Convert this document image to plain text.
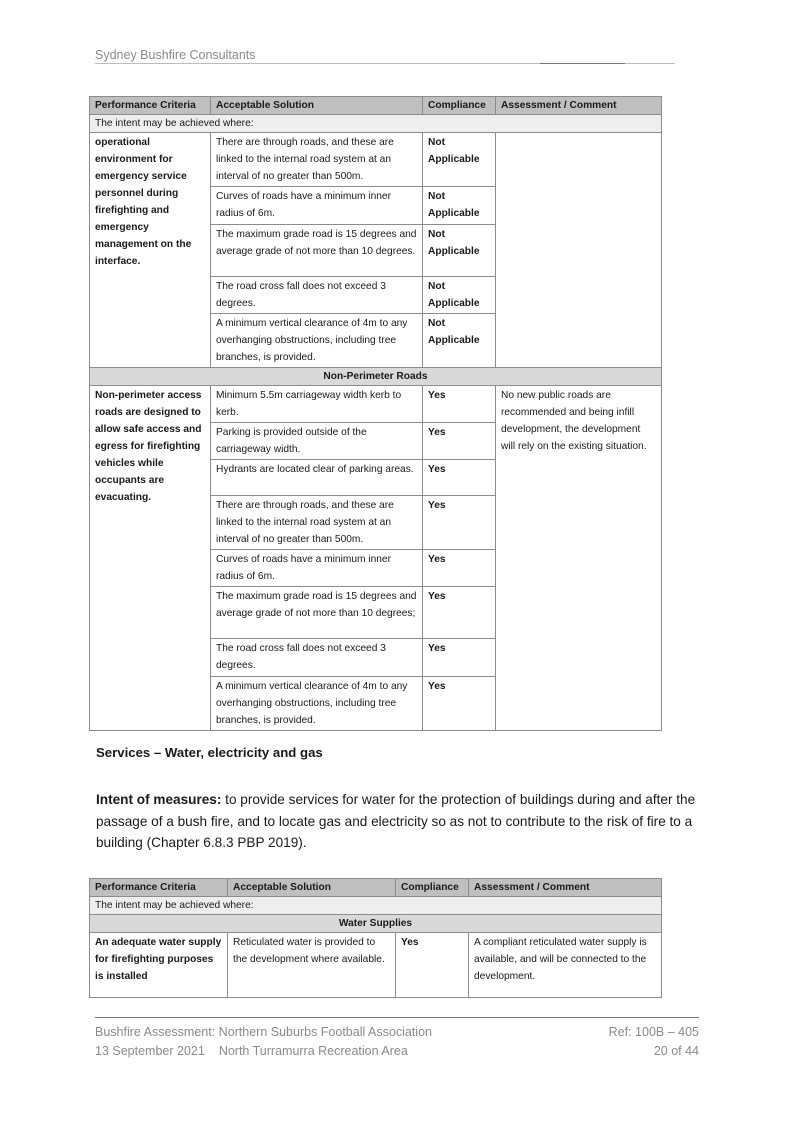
Sydney Bushfire Consultants
Performance Criteria	Acceptable Solution	Compliance	Assessment / Comment
The intent may be achieved where:			
operational environment for emergency service personnel during firefighting and emergency management on the interface.	There are through roads, and these are linked to the internal road system at an interval of no greater than 500m.	Not Applicable	
	Curves of roads have a minimum inner radius of 6m.	Not Applicable	
	The maximum grade road is 15 degrees and average grade of not more than 10 degrees.	Not Applicable	
	The road cross fall does not exceed 3 degrees.	Not Applicable	
	A minimum vertical clearance of 4m to any overhanging obstructions, including tree branches, is provided.	Not Applicable	
Non-Perimeter Roads			
Non-perimeter access roads are designed to allow safe access and egress for firefighting vehicles while occupants are evacuating.	Minimum 5.5m carriageway width kerb to kerb.	Yes	No new public roads are recommended and being infill development, the development will rely on the existing situation.
	Parking is provided outside of the carriageway width.	Yes	
	Hydrants are located clear of parking areas.	Yes	
	There are through roads, and these are linked to the internal road system at an interval of no greater than 500m.	Yes	
	Curves of roads have a minimum inner radius of 6m.	Yes	
	The maximum grade road is 15 degrees and average grade of not more than 10 degrees;	Yes	
	The road cross fall does not exceed 3 degrees.	Yes	
	A minimum vertical clearance of 4m to any overhanging obstructions, including tree branches, is provided.	Yes	
Services – Water, electricity and gas

Intent of measures: to provide services for water for the protection of buildings during and after the passage of a bush fire, and to locate gas and electricity so as not to contribute to the risk of fire to a building (Chapter 6.8.3 PBP 2019).

Performance Criteria	Acceptable Solution	Compliance	Assessment / Comment
The intent may be achieved where:			
Water Supplies			
An adequate water supply for firefighting purposes is installed	Reticulated water is provided to the development where available.	Yes	A compliant reticulated water supply is available, and will be connected to the development.
Bushfire Assessment: Northern Suburbs Football Association
13 September 2021 North Turramurra Recreation Area
Ref: 100B – 405
20 of 44
